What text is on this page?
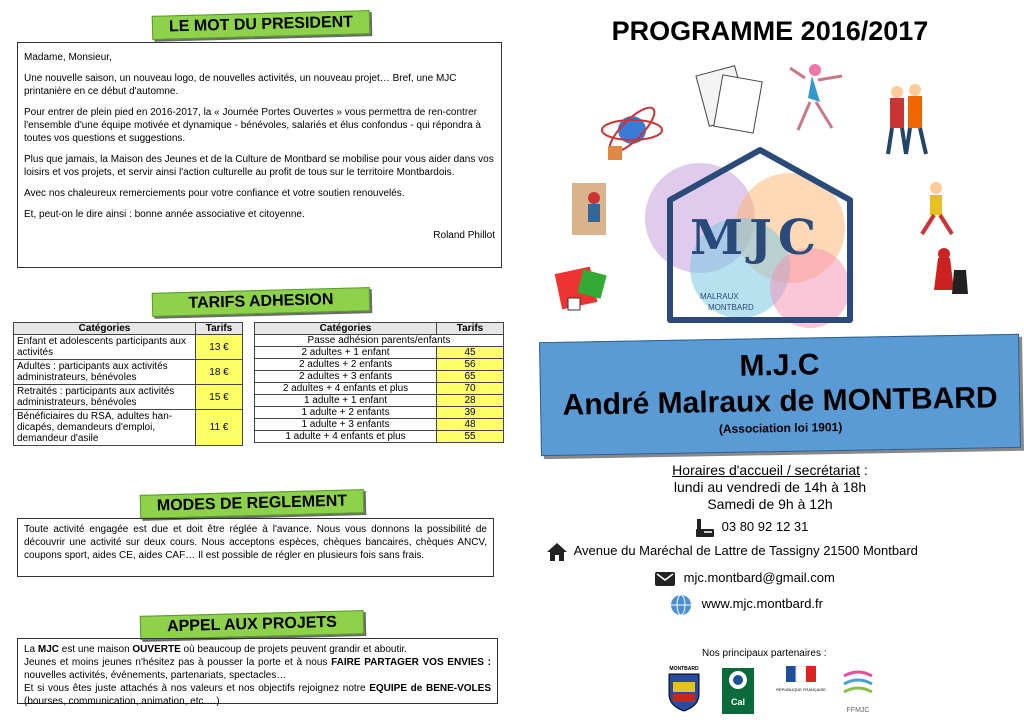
LE MOT DU PRESIDENT

Madame, Monsieur,

Une nouvelle saison, un nouveau logo, de nouvelles activités, un nouveau projet… Bref, une MJC printanière en ce début d'automne.

Pour entrer de plein pied en 2016-2017, la « Journée Portes Ouvertes » vous permettra de ren-contrer l'ensemble d'une équipe motivée et dynamique - bénévoles, salariés et élus confondus - qui répondra à toutes vos questions et suggestions.

Plus que jamais, la Maison des Jeunes et de la Culture de Montbard se mobilise pour vous aider dans vos loisirs et vos projets, et servir ainsi l'action culturelle au profit de tous sur le territoire Montbardois.

Avec nos chaleureux remerciements pour votre confiance et votre soutien renouvelés.

Et, peut-on le dire ainsi : bonne année associative et citoyenne.

Roland Phillot

TARIFS ADHESION
Catégories	Tarifs
Enfant et adolescents participants aux activités	13 €
Adultes : participants aux activités administrateurs, bénévoles	18 €
Retraités : participants aux activités administrateurs, bénévoles	15 €
Bénéficiaires du RSA, adultes han-dicapés, demandeurs d'emploi, demandeur d'asile	11 €
Catégories	Tarifs
Passe adhésion parents/enfants	
2 adultes + 1 enfant	45
2 adultes + 2 enfants	56
2 adultes + 3 enfants	65
2 adultes + 4 enfants et plus	70
1 adulte + 1 enfant	28
1 adulte + 2 enfants	39
1 adulte + 3 enfants	48
1 adulte + 4 enfants et plus	55
MODES DE REGLEMENT
Toute activité engagée est due et doit être réglée à l'avance. Nous vous donnons la possibilité de découvrir une activité sur deux cours. Nous acceptons espèces, chèques bancaires, chèques ANCV, coupons sport, aides CE, aides CAF… Il est possible de régler en plusieurs fois sans frais.
APPEL AUX PROJETS
La MJC est une maison OUVERTE où beaucoup de projets peuvent grandir et aboutir.
Jeunes et moins jeunes n'hésitez pas à pousser la porte et à nous FAIRE PARTAGER VOS ENVIES : nouvelles activités, événements, partenariats, spectacles…
Et si vous êtes juste attachés à nos valeurs et nos objectifs rejoignez notre EQUIPE de BENE-VOLES (bourses, communication, animation, etc.…)
PROGRAMME 2016/2017
MJC
MALRAUX
MONTBARD
M.J.C
André Malraux de MONTBARD
(Association loi 1901)
Horaires d'accueil / secrétariat :
lundi au vendredi de 14h à 18h
Samedi de 9h à 12h
03 80 92 12 31
Avenue du Maréchal de Lattre de Tassigny 21500 Montbard
mjc.montbard@gmail.com
www.mjc.montbard.fr
Nos principaux partenaires :
MONTBARD
Cal
RÉPUBLIQUE FRANÇAISE
FFMJC
